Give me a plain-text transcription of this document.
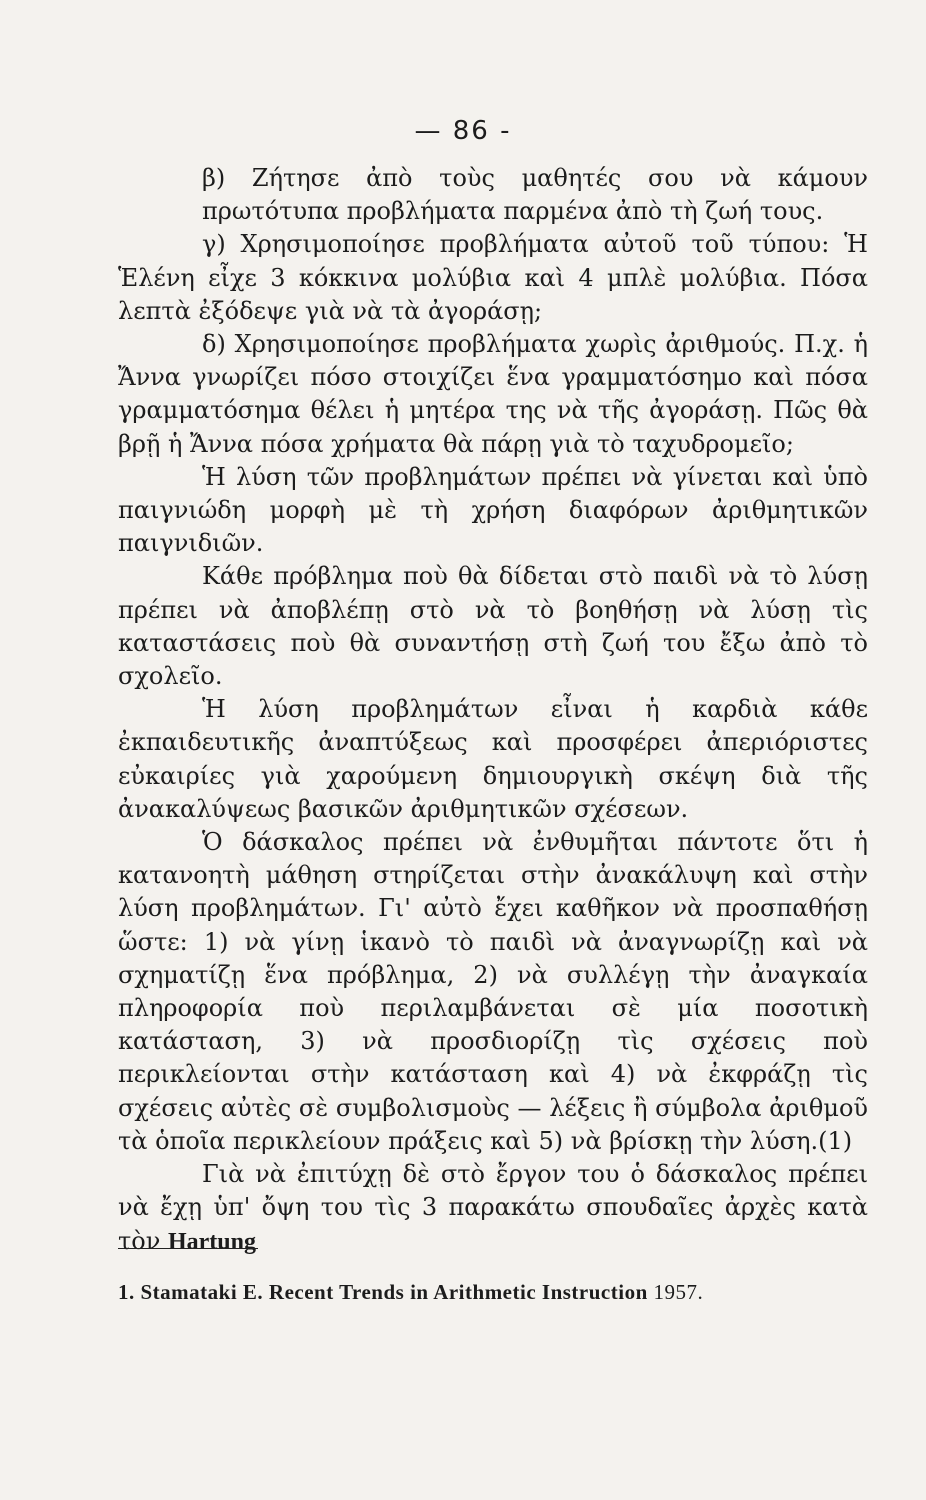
— 86 -

β) Ζήτησε ἀπὸ τοὺς μαθητές σου νὰ κάμουν πρωτότυπα προβλήματα παρμένα ἀπὸ τὴ ζωή τους.

γ) Χρησιμοποίησε προβλήματα αὐτοῦ τοῦ τύπου: Ἡ Ἑλένη εἶχε 3 κόκκινα μολύβια καὶ 4 μπλὲ μολύβια. Πόσα λεπτὰ ἐξόδεψε γιὰ νὰ τὰ ἀγοράσῃ;

δ) Χρησιμοποίησε προβλήματα χωρὶς ἀριθμούς. Π.χ. ἡ Ἄννα γνωρίζει πόσο στοιχίζει ἕνα γραμματόσημο καὶ πόσα γραμματόσημα θέλει ἡ μητέρα της νὰ τῆς ἀγοράσῃ. Πῶς θὰ βρῇ ἡ Ἄννα πόσα χρήματα θὰ πάρῃ γιὰ τὸ ταχυδρομεῖο;

Ἡ λύση τῶν προβλημάτων πρέπει νὰ γίνεται καὶ ὑπὸ παιγνιώδη μορφὴ μὲ τὴ χρήση διαφόρων ἀριθμητικῶν παιγνιδιῶν.

Κάθε πρόβλημα ποὺ θὰ δίδεται στὸ παιδὶ νὰ τὸ λύσῃ πρέπει νὰ ἀποβλέπῃ στὸ νὰ τὸ βοηθήσῃ νὰ λύσῃ τὶς καταστάσεις ποὺ θὰ συναντήσῃ στὴ ζωή του ἔξω ἀπὸ τὸ σχολεῖο.

Ἡ λύση προβλημάτων εἶναι ἡ καρδιὰ κάθε ἐκπαιδευτικῆς ἀναπτύξεως καὶ προσφέρει ἀπεριόριστες εὐκαιρίες γιὰ χαρούμενη δημιουργικὴ σκέψη διὰ τῆς ἀνακαλύψεως βασικῶν ἀριθμητικῶν σχέσεων.

Ὁ δάσκαλος πρέπει νὰ ἐνθυμῆται πάντοτε ὅτι ἡ κατανοητὴ μάθηση στηρίζεται στὴν ἀνακάλυψη καὶ στὴν λύση προβλημάτων. Γι' αὐτὸ ἔχει καθῆκον νὰ προσπαθήσῃ ὥστε: 1) νὰ γίνῃ ἱκανὸ τὸ παιδὶ νὰ ἀναγνωρίζῃ καὶ νὰ σχηματίζῃ ἕνα πρόβλημα, 2) νὰ συλλέγῃ τὴν ἀναγκαία πληροφορία ποὺ περιλαμβάνεται σὲ μία ποσοτικὴ κατάσταση, 3) νὰ προσδιορίζῃ τὶς σχέσεις ποὺ περικλείονται στὴν κατάσταση καὶ 4) νὰ ἐκφράζῃ τὶς σχέσεις αὐτὲς σὲ συμβολισμοὺς — λέξεις ἢ σύμβολα ἀριθμοῦ τὰ ὁποῖα περικλείουν πράξεις καὶ 5) νὰ βρίσκῃ τὴν λύση.(1)

Γιὰ νὰ ἐπιτύχῃ δὲ στὸ ἔργον του ὁ δάσκαλος πρέπει νὰ ἔχῃ ὑπ' ὄψη του τὶς 3 παρακάτω σπουδαῖες ἀρχὲς κατὰ τὸν Hartung

1. Stamataki E. Recent Trends in Arithmetic Instruction 1957.
